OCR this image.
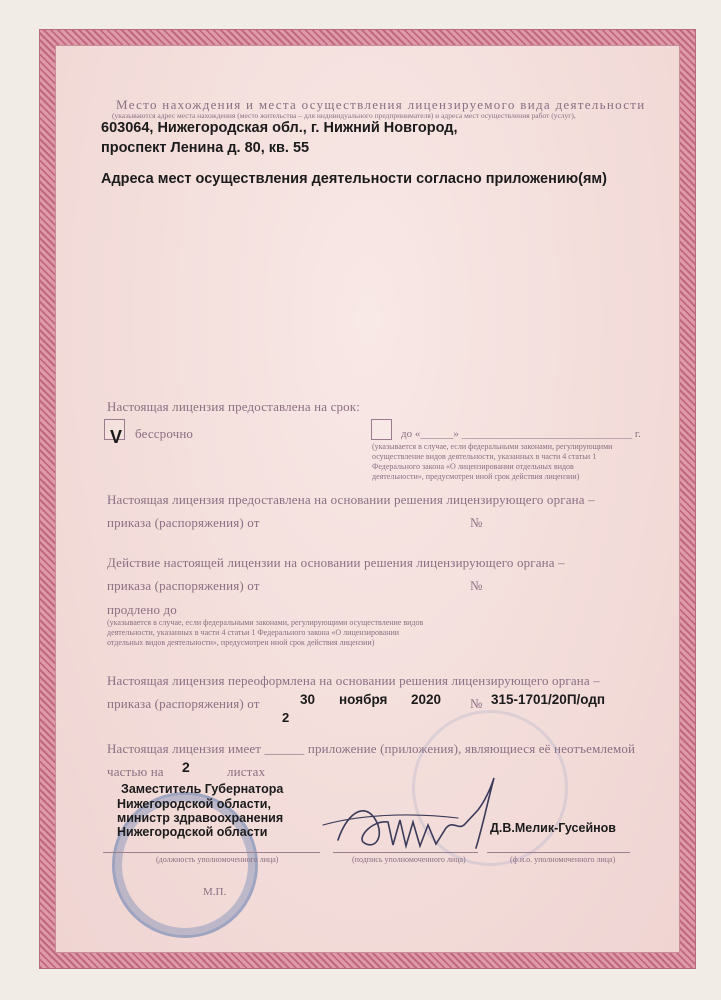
Место нахождения и места осуществления лицензируемого вида деятельности

(указываются адрес места нахождения (место жительства – для индивидуального предпринимателя) и адреса мест осуществления работ (услуг),

603064, Нижегородская обл., г. Нижний Новгород,

проспект Ленина д. 80, кв. 55

Адреса мест осуществления деятельности согласно приложению(ям)

Настоящая лицензия предоставлена на срок:

V бессрочно	до «______» _______________________________ г.

(указывается в случае, если федеральными законами, регулирующими

осуществление видов деятельности, указанных в части 4 статьи 1

Федерального закона «О лицензировании отдельных видов

деятельности», предусмотрен иной срок действия лицензии)

Настоящая лицензия предоставлена на основании решения лицензирующего органа –

приказа (распоряжения) от	№

Действие настоящей лицензии на основании решения лицензирующего органа –

приказа (распоряжения) от	№

продлено до

(указывается в случае, если федеральными законами, регулирующими осуществление видов

деятельности, указанных в части 4 статьи 1 Федерального закона «О лицензировании

отдельных видов деятельности», предусмотрен иной срок действия лицензии)

Настоящая лицензия переоформлена на основании решения лицензирующего органа –

приказа (распоряжения) от	30 ноября 2020 № 315-1701/20П/одп
2

Настоящая лицензия имеет ______ приложение (приложения), являющиеся её неотъемлемой

частью на 2	листах

Заместитель Губернатора

Нижегородской области,

министр здравоохранения

Нижегородской области	Д.В.Мелик-Гусейнов

(должность уполномоченного лица)	(подпись уполномоченного лица)	(ф.и.о. уполномоченного лица)

М.П.
